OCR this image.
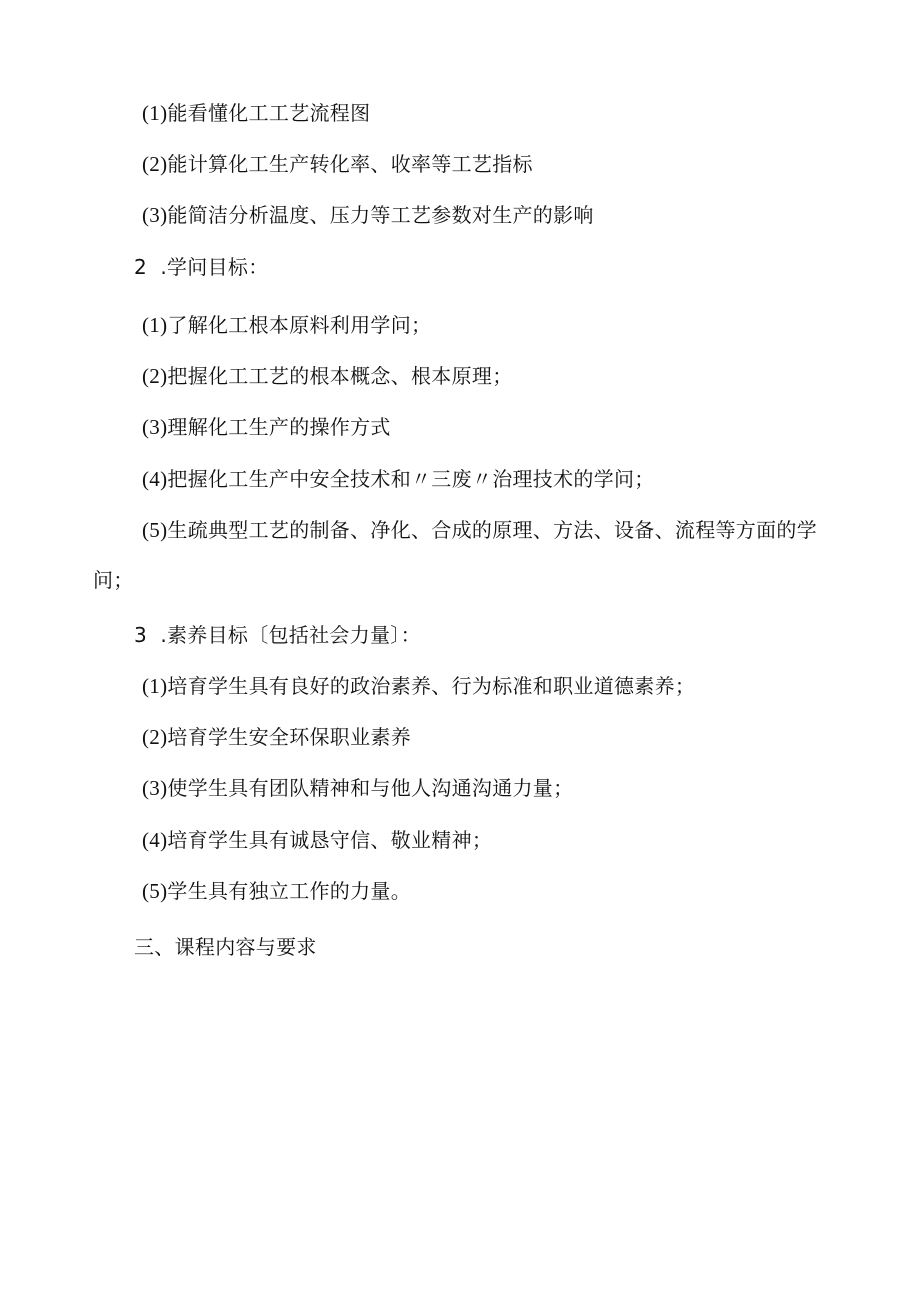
(1)能看懂化工工艺流程图
(2)能计算化工生产转化率、收率等工艺指标
(3)能简洁分析温度、压力等工艺参数对生产的影响
2  .学问目标：
(1)了解化工根本原料利用学问；
(2)把握化工工艺的根本概念、根本原理；
(3)理解化工生产的操作方式
(4)把握化工生产中安全技术和〃三废〃治理技术的学问；
(5)生疏典型工艺的制备、净化、合成的原理、方法、设备、流程等方面的学
问；
3  .素养目标〔包括社会力量〕：
(1)培育学生具有良好的政治素养、行为标准和职业道德素养；
(2)培育学生安全环保职业素养
(3)使学生具有团队精神和与他人沟通沟通力量；
(4)培育学生具有诚恳守信、敬业精神；
(5)学生具有独立工作的力量。
三、课程内容与要求
